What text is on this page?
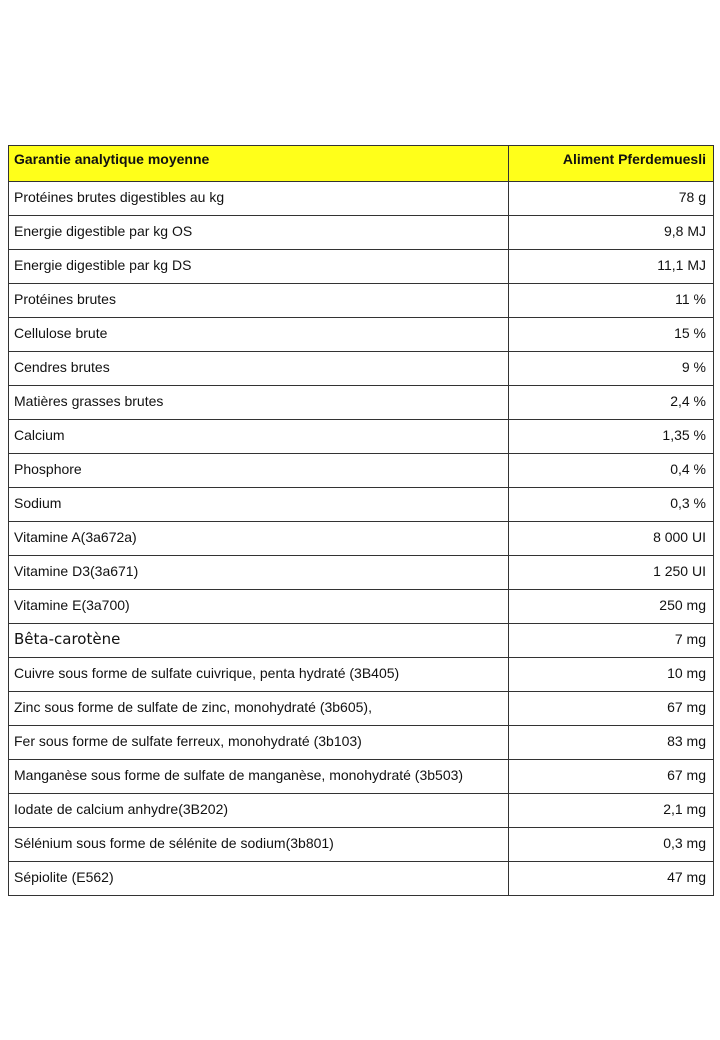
Garantie analytique moyenne	Aliment Pferdemuesli
Protéines brutes digestibles au kg	78 g
Energie digestible par kg OS	9,8 MJ
Energie digestible par kg DS	11,1 MJ
Protéines brutes	11 %
Cellulose brute	15 %
Cendres brutes	9 %
Matières grasses brutes	2,4 %
Calcium	1,35 %
Phosphore	0,4 %
Sodium	0,3 %
Vitamine A(3a672a)	8 000 UI
Vitamine D3(3a671)	1 250 UI
Vitamine E(3a700)	250 mg
Bêta-carotène	7 mg
Cuivre sous forme de sulfate cuivrique, penta hydraté (3B405)	10 mg
Zinc sous forme de sulfate de zinc, monohydraté (3b605),	67 mg
Fer sous forme de sulfate ferreux, monohydraté (3b103)	83 mg
Manganèse sous forme de sulfate de manganèse, monohydraté (3b503)	67 mg
Iodate de calcium anhydre(3B202)	2,1 mg
Sélénium sous forme de sélénite de sodium(3b801)	0,3 mg
Sépiolite (E562)	47 mg
